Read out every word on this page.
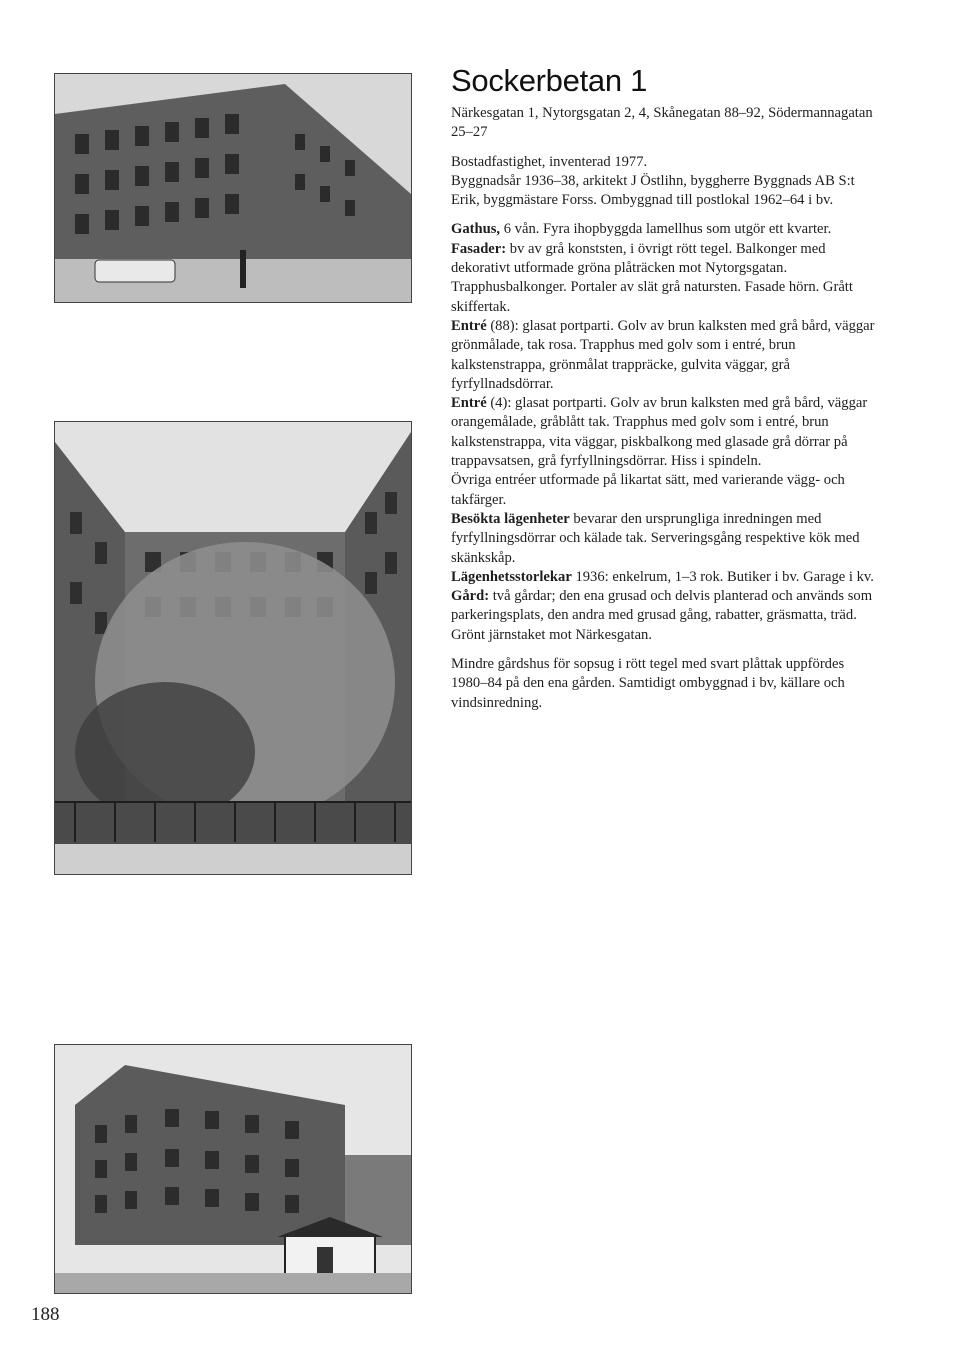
Sockerbetan 1

Närkesgatan 1, Nytorgsgatan 2, 4, Skånegatan 88–92, Södermannagatan 25–27

Bostadfastighet, inventerad 1977.

Byggnadsår 1936–38, arkitekt J Östlihn, byggherre Byggnads AB S:t Erik, byggmästare Forss. Ombyggnad till postlokal 1962–64 i bv.

Gathus, 6 vån. Fyra ihopbyggda lamellhus som utgör ett kvarter.

Fasader: bv av grå konststen, i övrigt rött tegel. Balkonger med dekorativt utformade gröna plåträcken mot Nytorgsgatan. Trapphusbalkonger. Portaler av slät grå natursten. Fasade hörn. Grått skiffertak.

Entré (88): glasat portparti. Golv av brun kalksten med grå bård, väggar grönmålade, tak rosa. Trapphus med golv som i entré, brun kalkstenstrappa, grönmålat trappräcke, gulvita väggar, grå fyrfyllnadsdörrar.

Entré (4): glasat portparti. Golv av brun kalksten med grå bård, väggar orangemålade, gråblått tak. Trapphus med golv som i entré, brun kalkstenstrappa, vita väggar, piskbalkong med glasade grå dörrar på trappavsatsen, grå fyrfyllningsdörrar. Hiss i spindeln.

Övriga entréer utformade på likartat sätt, med varierande vägg- och takfärger.

Besökta lägenheter bevarar den ursprungliga inredningen med fyrfyllningsdörrar och kälade tak. Serveringsgång respektive kök med skänkskåp.

Lägenhetsstorlekar 1936: enkelrum, 1–3 rok. Butiker i bv. Garage i kv.

Gård: två gårdar; den ena grusad och delvis planterad och används som parkeringsplats, den andra med grusad gång, rabatter, gräsmatta, träd. Grönt järnstaket mot Närkesgatan.

Mindre gårdshus för sopsug i rött tegel med svart plåttak uppfördes 1980–84 på den ena gården. Samtidigt ombyggnad i bv, källare och vindsinredning.

188
